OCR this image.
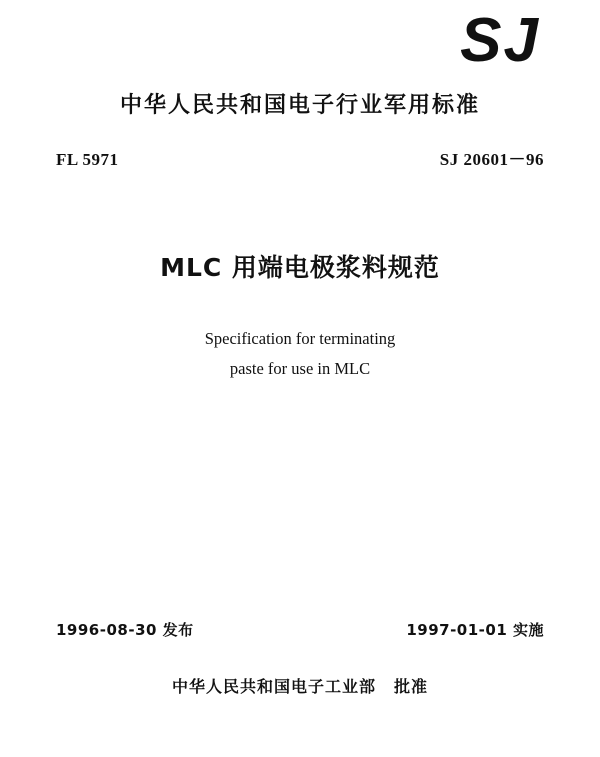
SJ
中华人民共和国电子行业军用标准
FL 5971	SJ 20601－96
MLC 用端电极浆料规范
Specification for terminating
paste for use in MLC
1996-08-30 发布	1997-01-01 实施
中华人民共和国电子工业部 批准
